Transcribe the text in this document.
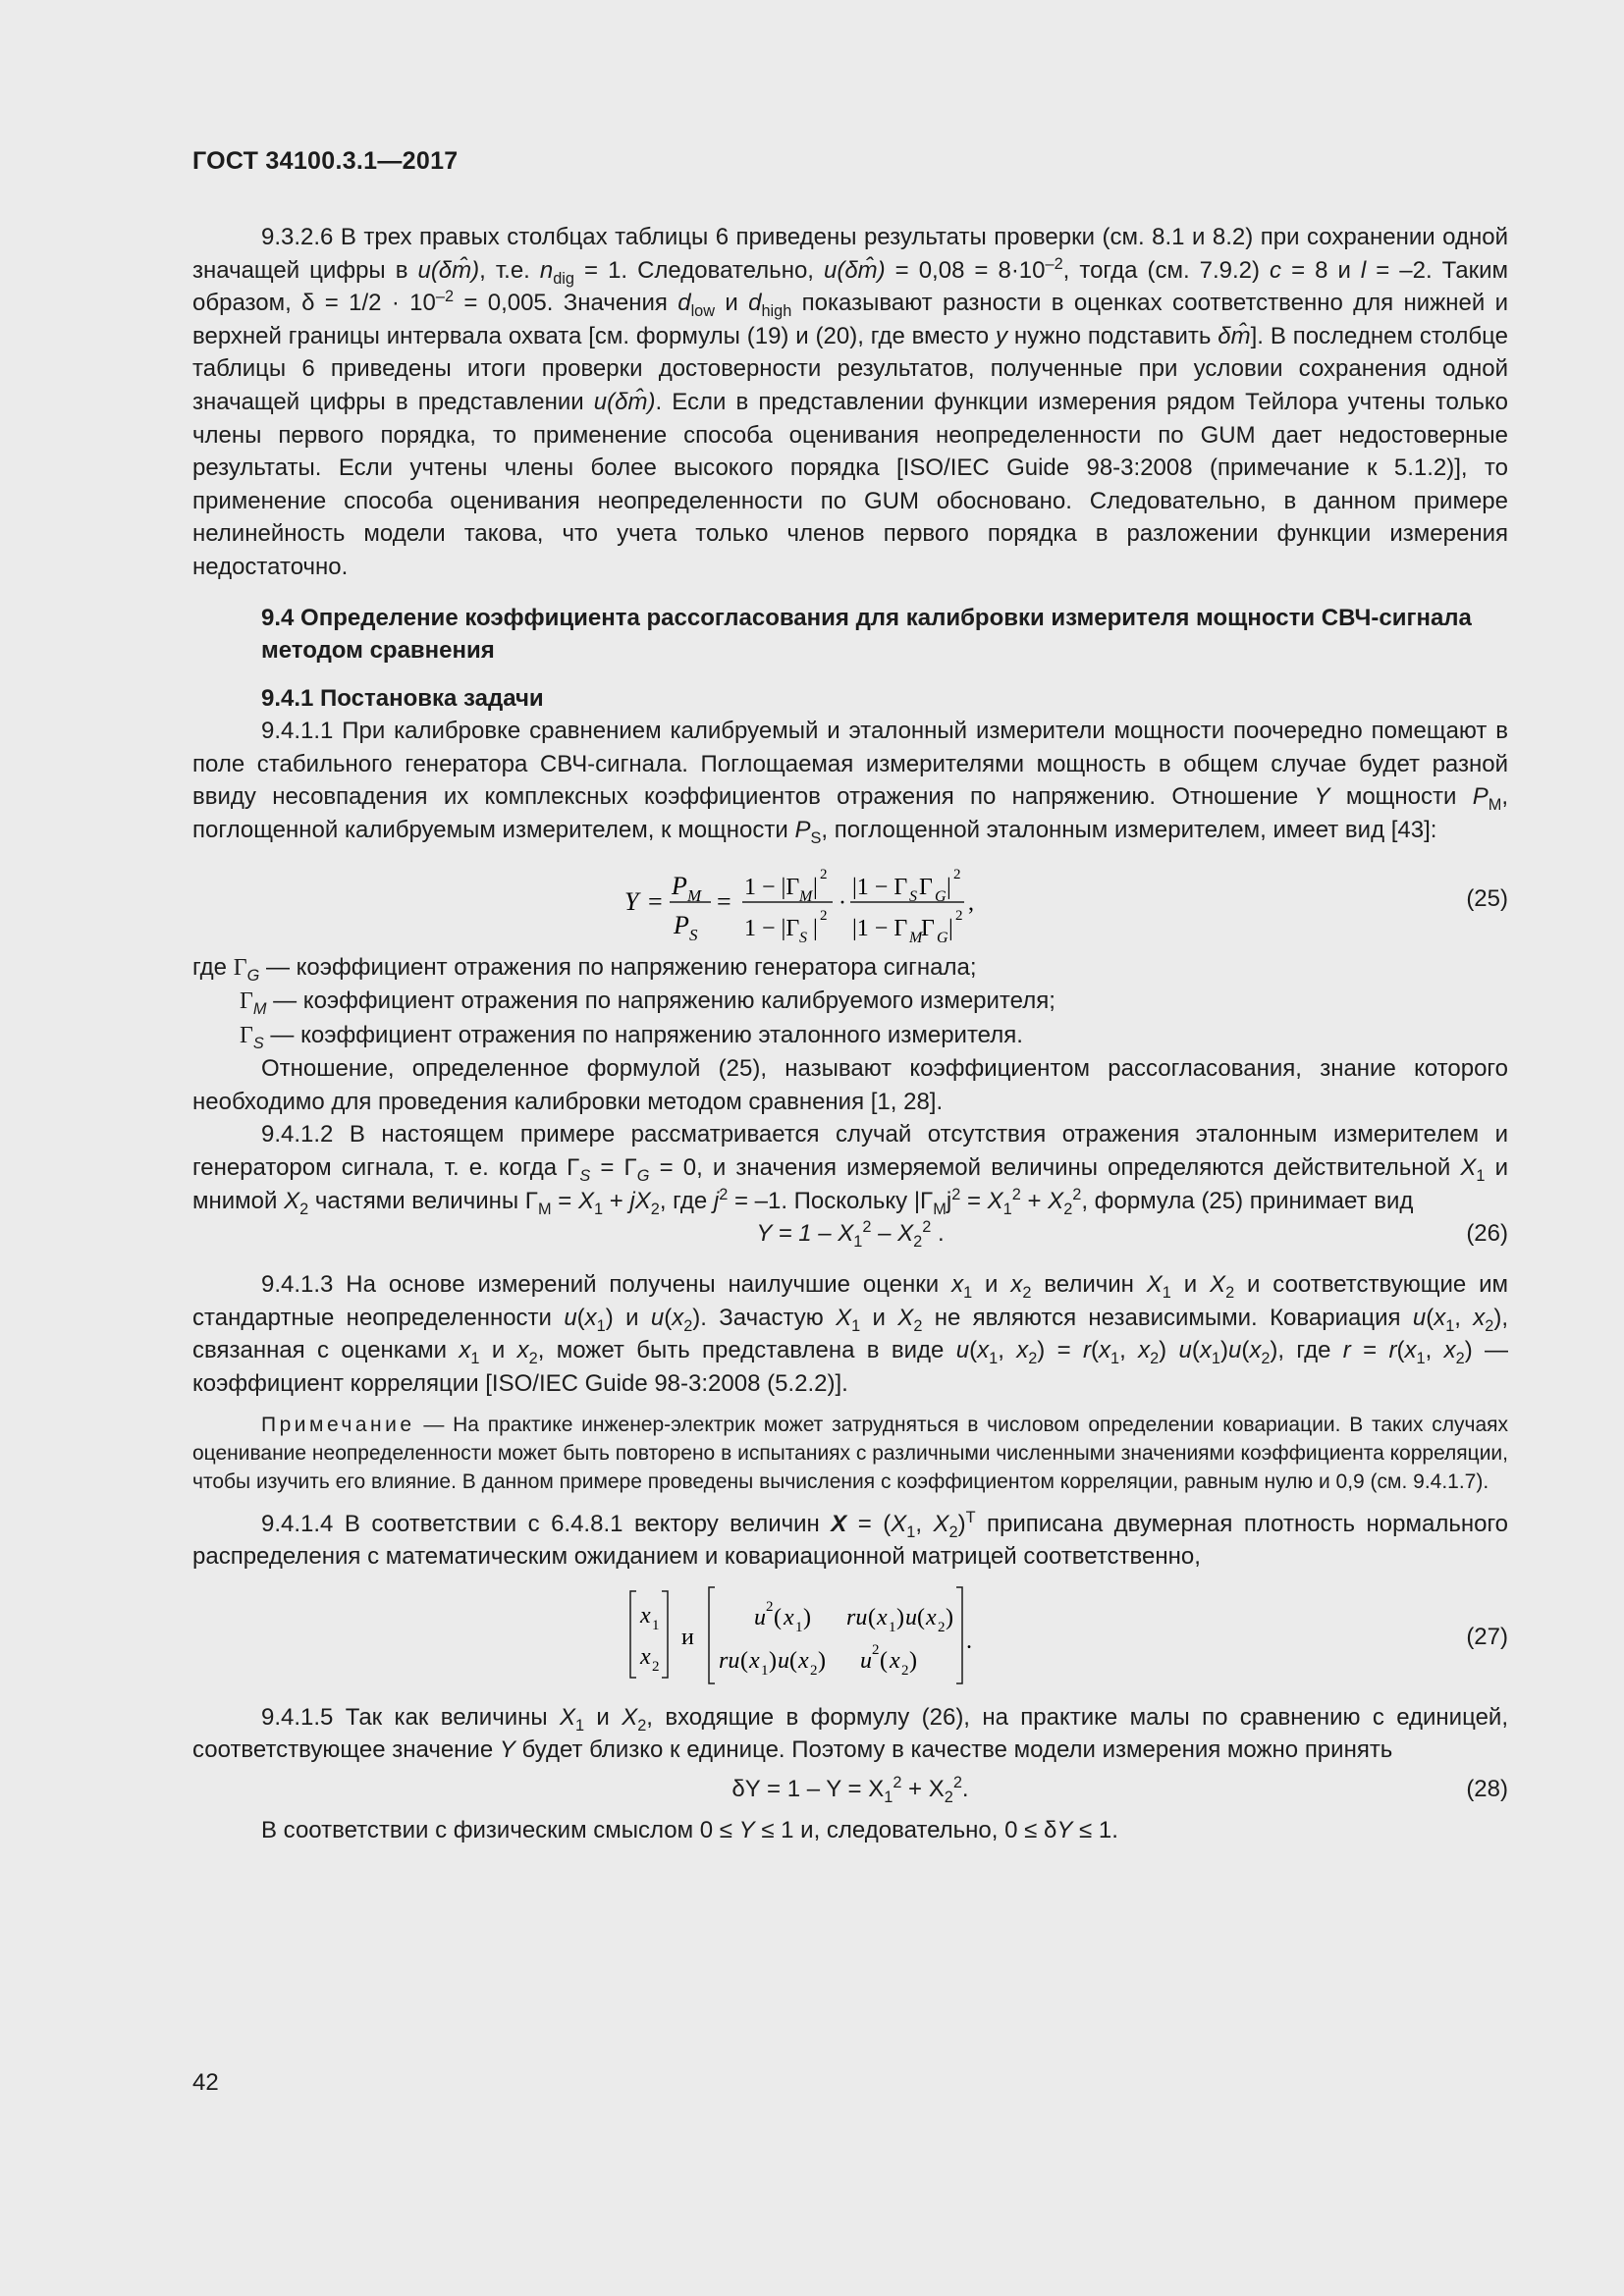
ГОСТ 34100.3.1—2017

9.3.2.6 В трех правых столбцах таблицы 6 приведены результаты проверки (см. 8.1 и 8.2) при сохранении одной значащей цифры в u(δm̂), т.е. $n_{dig} = 1$. Следовательно, u(δm̂) = $0,08 = 8\cdot 10^{-2}$, тогда (см. 7.9.2) c = 8 и l = –2. Таким образом, $\delta = 1/2 \cdot 10^{-2} = 0,005$. Значения $d_{low}$ и $d_{high}$ показывают разности в оценках соответственно для нижней и верхней границы интервала охвата [см. формулы (19) и (20), где вместо y нужно подставить δm̂]. В последнем столбце таблицы 6 приведены итоги проверки достоверности результатов, полученные при условии сохранения одной значащей цифры в представлении u(δm̂). Если в представлении функции измерения рядом Тейлора учтены только члены первого порядка, то применение способа оценивания неопределенности по GUM дает недостоверные результаты. Если учтены члены более высокого порядка [ISO/IEC Guide 98-3:2008 (примечание к 5.1.2)], то применение способа оценивания неопределенности по GUM обосновано. Следовательно, в данном примере нелинейность модели такова, что учета только членов первого порядка в разложении функции измерения недостаточно.

9.4 Определение коэффициента рассогласования для калибровки измерителя мощности СВЧ-сигнала методом сравнения

9.4.1 Постановка задачи

9.4.1.1 При калибровке сравнением калибруемый и эталонный измерители мощности поочередно помещают в поле стабильного генератора СВЧ-сигнала. Поглощаемая измерителями мощность в общем случае будет разной ввиду несовпадения их комплексных коэффициентов отражения по напряжению. Отношение Y мощности $P_M$, поглощенной калибруемым измерителем, к мощности $P_S$, поглощенной эталонным измерителем, имеет вид [43]:

Y =
P M
P S
= 1 − |Γ M | 2
1 − |Γ S | 2 ·
|1 − Γ S Γ G | 2
|1 − Γ M
Γ G | 2 ,	(25)

где $\Gamma_G$ — коэффициент отражения по напряжению генератора сигнала;

$\Gamma_M$ — коэффициент отражения по напряжению калибруемого измерителя;

$\Gamma_S$ — коэффициент отражения по напряжению эталонного измерителя.

Отношение, определенное формулой (25), называют коэффициентом рассогласования, знание которого необходимо для проведения калибровки методом сравнения [1, 28].

9.4.1.2 В настоящем примере рассматривается случай отсутствия отражения эталонным измерителем и генератором сигнала, т. е. когда $\Gamma_S = \Gamma_G = 0$, и значения измеряемой величины определяются действительной $X_1$ и мнимой $X_2$ частями величины $\Gamma_M = X_1 + jX_2$, где $j^2 = -1$. Поскольку $|\Gamma_Mj^2 = X_1^2 + X_2^2$, формула (25) принимает вид

$Y = 1 - X_1^2 - X_2^2$ .	(26)

9.4.1.3 На основе измерений получены наилучшие оценки $x_1$ и $x_2$ величин $X_1$ и $X_2$ и соответствующие им стандартные неопределенности $u(x_1)$ и $u(x_2)$. Зачастую $X_1$ и $X_2$ не являются независимыми. Ковариация $u(x_1$, $x_2$), связанная с оценками $x_1$ и $x_2$, может быть представлена в виде $u(x_1$, $x_2) = r(x_1$, $x_2$) $u(x_1)u(x_2)$, где $r = r(x_1$, $x_2$) — коэффициент корреляции [ISO/IEC Guide 98-3:2008 (5.2.2)].

Примечание — На практике инженер-электрик может затрудняться в числовом определении ковариации. В таких случаях оценивание неопределенности может быть повторено в испытаниях с различными численными значениями коэффициента корреляции, чтобы изучить его влияние. В данном примере проведены вычисления с коэффициентом корреляции, равным нулю и 0,9 (см. 9.4.1.7).

9.4.1.4 В соответствии с 6.4.8.1 вектору величин $X = (X_1$, $X_2)^T$ приписана двумерная плотность нормального распределения с математическим ожиданием и ковариационной матрицей соответственно,

x 1
x 2
и
u 2 ( x 1 ) ru ( x 1 ) u ( x 2 )
ru ( x 1 ) u ( x 2 ) u 2 ( x 2 )
.	(27)

9.4.1.5 Так как величины $X_1$ и $X_2$, входящие в формулу (26), на практике малы по сравнению с единицей, соответствующее значение Y будет близко к единице. Поэтому в качестве модели измерения можно принять

$\delta Y = 1 - Y = X_1^2 + X_2^2$.	(28)

В соответствии с физическим смыслом 0 ≤ Y ≤ 1 и, следовательно, 0 ≤ δY ≤ 1.

42
